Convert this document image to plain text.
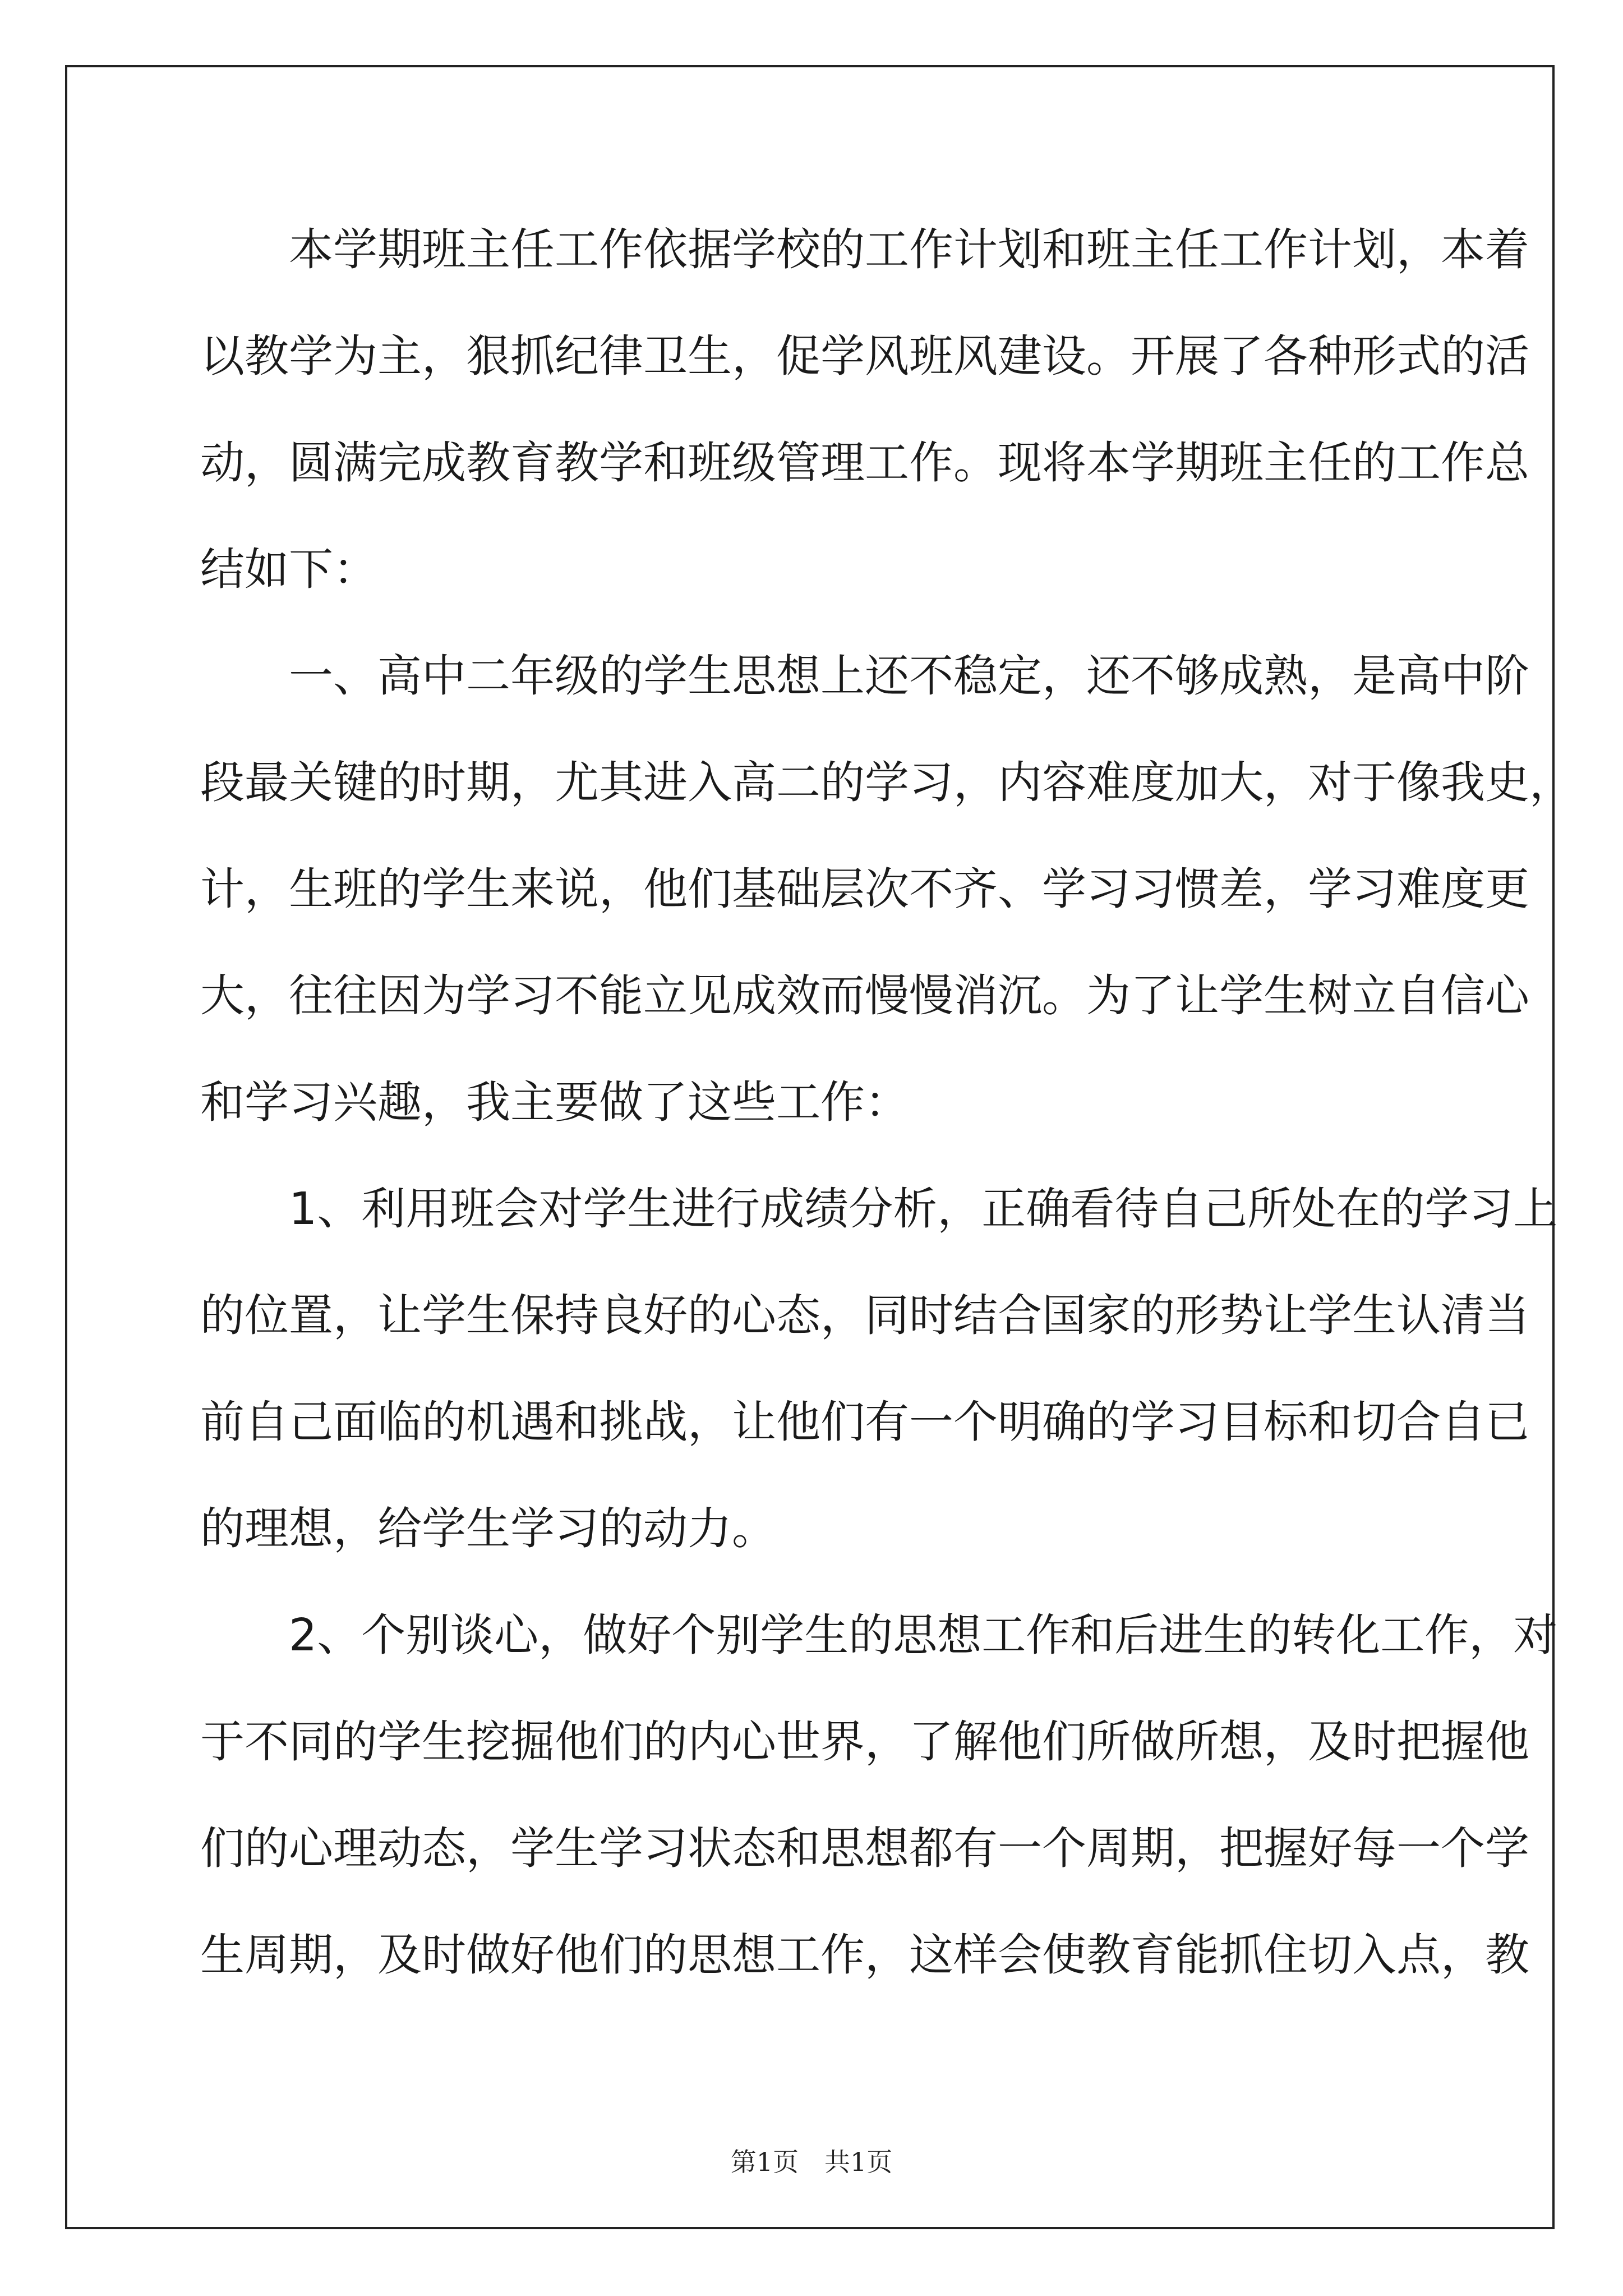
本学期班主任工作依据学校的工作计划和班主任工作计划，本着
以教学为主，狠抓纪律卫生，促学风班风建设。开展了各种形式的活
动，圆满完成教育教学和班级管理工作。现将本学期班主任的工作总
结如下：
一、高中二年级的学生思想上还不稳定，还不够成熟，是高中阶
段最关键的时期，尤其进入高二的学习，内容难度加大，对于像我史，
计，生班的学生来说，他们基础层次不齐、学习习惯差，学习难度更
大，往往因为学习不能立见成效而慢慢消沉。为了让学生树立自信心
和学习兴趣，我主要做了这些工作：
1、利用班会对学生进行成绩分析，正确看待自己所处在的学习上
的位置，让学生保持良好的心态，同时结合国家的形势让学生认清当
前自己面临的机遇和挑战，让他们有一个明确的学习目标和切合自已
的理想，给学生学习的动力。
2、个别谈心，做好个别学生的思想工作和后进生的转化工作，对
于不同的学生挖掘他们的内心世界，了解他们所做所想，及时把握他
们的心理动态，学生学习状态和思想都有一个周期，把握好每一个学
生周期，及时做好他们的思想工作，这样会使教育能抓住切入点，教
第1页 共1页
